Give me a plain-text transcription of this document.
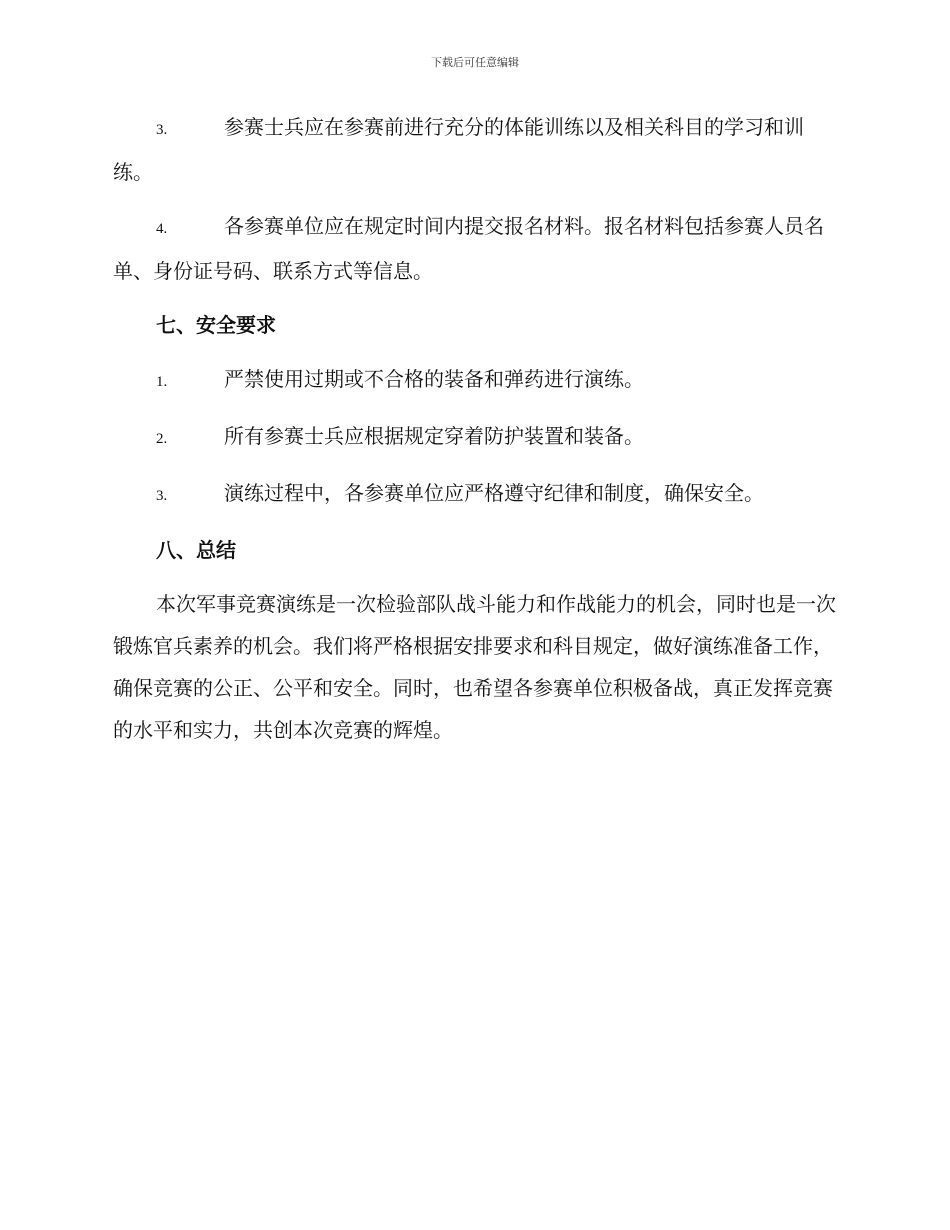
下载后可任意编辑
3.	参赛士兵应在参赛前进行充分的体能训练以及相关科目的学习和训练。
4.	各参赛单位应在规定时间内提交报名材料。报名材料包括参赛人员名单、身份证号码、联系方式等信息。
七、安全要求
1.	严禁使用过期或不合格的装备和弹药进行演练。
2.	所有参赛士兵应根据规定穿着防护装置和装备。
3.	演练过程中，各参赛单位应严格遵守纪律和制度，确保安全。
八、总结

本次军事竞赛演练是一次检验部队战斗能力和作战能力的机会，同时也是一次锻炼官兵素养的机会。我们将严格根据安排要求和科目规定，做好演练准备工作，确保竞赛的公正、公平和安全。同时，也希望各参赛单位积极备战，真正发挥竞赛的水平和实力，共创本次竞赛的辉煌。
